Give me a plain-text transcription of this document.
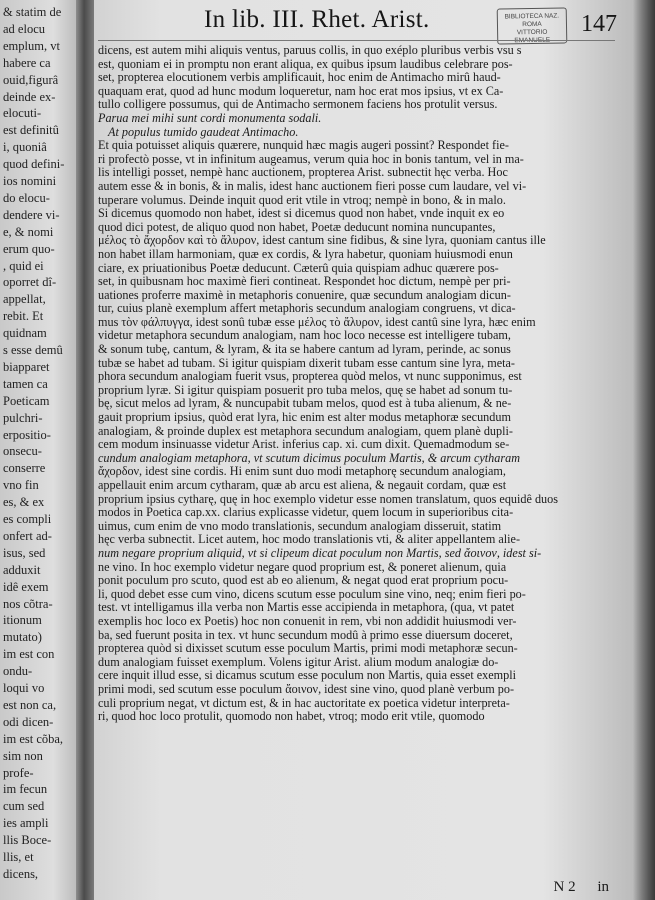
& statim de
ad elocu
emplum, vt
habere ca
ouid,figurâ
deinde ex-
elocuti-
est definitû
i, quoniâ
quod defini-
ios nomini
do elocu-
dendere vi-
e, & nomi
erum quo-
, quid ei
oporret dî-
appellat,
rebit. Et
quidnam
s esse demû
biapparet
tamen ca
Poeticam
pulchri-
erpositio-
onsecu-
conserre
vno fin
es, & ex
es compli
onfert ad-
isus, sed
adduxit
idê exem
nos cõtra-
itionum
mutato)
im est con
ondu-
loqui vo
est non ca,
odi dicen-
im est cõba,
sim non
profe-
im fecun
cum sed
ies ampli
llis Boce-
llis, et
dicens,
In lib. III. Rhet. Arist.	BIBLIOTECA NAZ.
ROMA
VITTORIO	147
dicens, est autem mihi aliquis ventus, paruus collis, in quo exéplo pluribus verbis vsu s
est, quoniam ei in promptu non erant aliqua, ex quibus ipsum laudibus celebrare pos-
set, propterea elocutionem verbis amplificauit, hoc enim de Antimacho mirû haud-
quaquam erat, quod ad hunc modum loqueretur, nam hoc erat mos ipsius, vt ex Ca-
tullo colligere possumus, qui de Antimacho sermonem faciens hos protulit versus.
Parua mei mihi sunt cordi monumenta sodali.
At populus tumido gaudeat Antimacho.
Et quia potuisset aliquis quærere, nunquid hæc magis augeri possint? Respondet fie-
ri profectò posse, vt in infinitum augeamus, verum quia hoc in bonis tantum, vel in ma-
lis intelligi posset, nempè hanc auctionem, propterea Arist. subnectit hęc verba. Hoc
autem esse & in bonis, & in malis, idest hanc auctionem fieri posse cum laudare, vel vi-
tuperare volumus. Deinde inquit quod erit vtile in vtroq; nempè in bono, & in malo.
Si dicemus quomodo non habet, idest si dicemus quod non habet, vnde inquit ex eo
quod dici potest, de aliquo quod non habet, Poetæ deducunt nomina nuncupantes,
μέλος τὸ ἄχορδον καὶ τὸ ἄλυρον, idest cantum sine fidibus, & sine lyra, quoniam cantus ille
non habet illam harmoniam, quæ ex cordis, & lyra habetur, quoniam huiusmodi enun
ciare, ex priuationibus Poetæ deducunt. Cæterû quia quispiam adhuc quærere pos-
set, in quibusnam hoc maximè fieri contineat. Respondet hoc dictum, nempè per pri-
uationes proferre maximè in metaphoris conuenire, quæ secundum analogiam dicun-
tur, cuius planè exemplum affert metaphoris secundum analogiam congruens, vt dica-
mus τὸν φάλπυγγα, idest sonû tubæ esse μέλος τὸ ἄλυρον, idest cantû sine lyra, hæc enim
videtur metaphora secundum analogiam, nam hoc loco necesse est intelligere tubam,
& sonum tubę, cantum, & lyram, & ita se habere cantum ad lyram, perinde, ac sonus
tubæ se habet ad tubam. Si igitur quispiam dixerit tubam esse cantum sine lyra, meta-
phora secundum analogiam fuerit vsus, propterea quòd melos, vt nunc supponimus, est
proprium lyræ. Si igitur quispiam posuerit pro tuba melos, quę se habet ad sonum tu-
bę, sicut melos ad lyram, & nuncupabit tubam melos, quod est à tuba alienum, & ne-
gauit proprium ipsius, quòd erat lyra, hic enim est alter modus metaphoræ secundum
analogiam, & proinde duplex est metaphora secundum analogiam, quem planè dupli-
cem modum insinuasse videtur Arist. inferius cap. xi. cum dixit. Quemadmodum se-
cundum analogiam metaphora, vt scutum dicimus poculum Martis, & arcum cytharam
ἄχορδον, idest sine cordis. Hi enim sunt duo modi metaphorę secundum analogiam,
appellauit enim arcum cytharam, quæ ab arcu est aliena, & negauit cordam, quæ est
proprium ipsius cytharę, quę in hoc exemplo videtur esse nomen translatum, quos equidê duos
modos in Poetica cap.xx. clarius explicasse videtur, quem locum in superioribus cita-
uimus, cum enim de vno modo translationis, secundum analogiam disseruit, statim
hęc verba subnectit. Licet autem, hoc modo translationis vti, & aliter appellantem alie-
num negare proprium aliquid, vt si clipeum dicat poculum non Martis, sed ἄοινον, idest si-
ne vino. In hoc exemplo videtur negare quod proprium est, & poneret alienum, quia
ponit poculum pro scuto, quod est ab eo alienum, & negat quod erat proprium pocu-
li, quod debet esse cum vino, dicens scutum esse poculum sine vino, neq; enim fieri po-
test. vt intelligamus illa verba non Martis esse accipienda in metaphora, (qua, vt patet
exemplis hoc loco ex Poetis) hoc non conuenit in rem, vbi non addidit huiusmodi ver-
ba, sed fuerunt posita in tex. vt hunc secundum modû à primo esse diuersum doceret,
propterea quòd si dixisset scutum esse poculum Martis, primi modi metaphoræ secun-
dum analogiam fuisset exemplum. Volens igitur Arist. alium modum analogiæ do-
cere inquit illud esse, si dicamus scutum esse poculum non Martis, quia esset exempli
primi modi, sed scutum esse poculum ἄοινον, idest sine vino, quod planè verbum po-
culi proprium negat, vt dictum est, & in hac auctoritate ex poetica videtur interpreta-
ri, quod hoc loco protulit, quomodo non habet, vtroq; modo erit vtile, quomodo
N 2 in
